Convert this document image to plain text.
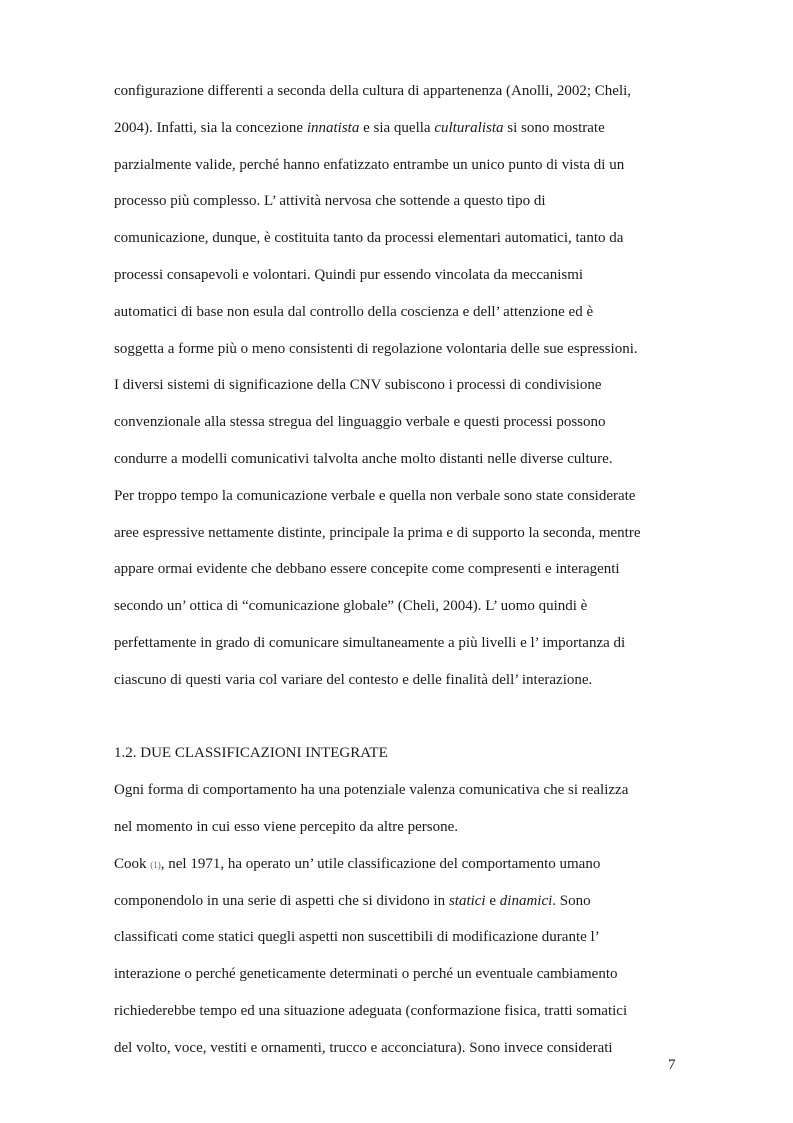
configurazione differenti a seconda della cultura di appartenenza (Anolli, 2002; Cheli,
2004). Infatti, sia la concezione innatista e sia quella culturalista si sono mostrate
parzialmente valide, perché hanno enfatizzato entrambe un unico punto di vista di un
processo più complesso. L’ attività nervosa che sottende a questo tipo di
comunicazione, dunque, è costituita tanto da processi elementari automatici, tanto da
processi consapevoli e volontari. Quindi pur essendo vincolata da meccanismi
automatici di base non esula dal controllo della coscienza e dell’ attenzione ed è
soggetta a forme più o meno consistenti di regolazione volontaria delle sue espressioni.
I diversi sistemi di significazione della CNV subiscono i processi di condivisione
convenzionale alla stessa stregua del linguaggio verbale e questi processi possono
condurre a modelli comunicativi talvolta anche molto distanti nelle diverse culture.
Per troppo tempo la comunicazione verbale e quella non verbale sono state considerate
aree espressive nettamente distinte, principale la prima e di supporto la seconda, mentre
appare ormai evidente che debbano essere concepite come compresenti e interagenti
secondo un’ ottica di “comunicazione globale” (Cheli, 2004). L’ uomo quindi è
perfettamente in grado di comunicare simultaneamente a più livelli e l’ importanza di
ciascuno di questi varia col variare del contesto e delle finalità dell’ interazione.
1.2. DUE CLASSIFICAZIONI INTEGRATE
Ogni forma di comportamento ha una potenziale valenza comunicativa che si realizza
nel momento in cui esso viene percepito da altre persone.
Cook (1), nel 1971, ha operato un’ utile classificazione del comportamento umano
componendolo in una serie di aspetti che si dividono in statici e dinamici. Sono
classificati come statici quegli aspetti non suscettibili di modificazione durante l’
interazione o perché geneticamente determinati o perché un eventuale cambiamento
richiederebbe tempo ed una situazione adeguata (conformazione fisica, tratti somatici
del volto, voce, vestiti e ornamenti, trucco e acconciatura). Sono invece considerati
7
